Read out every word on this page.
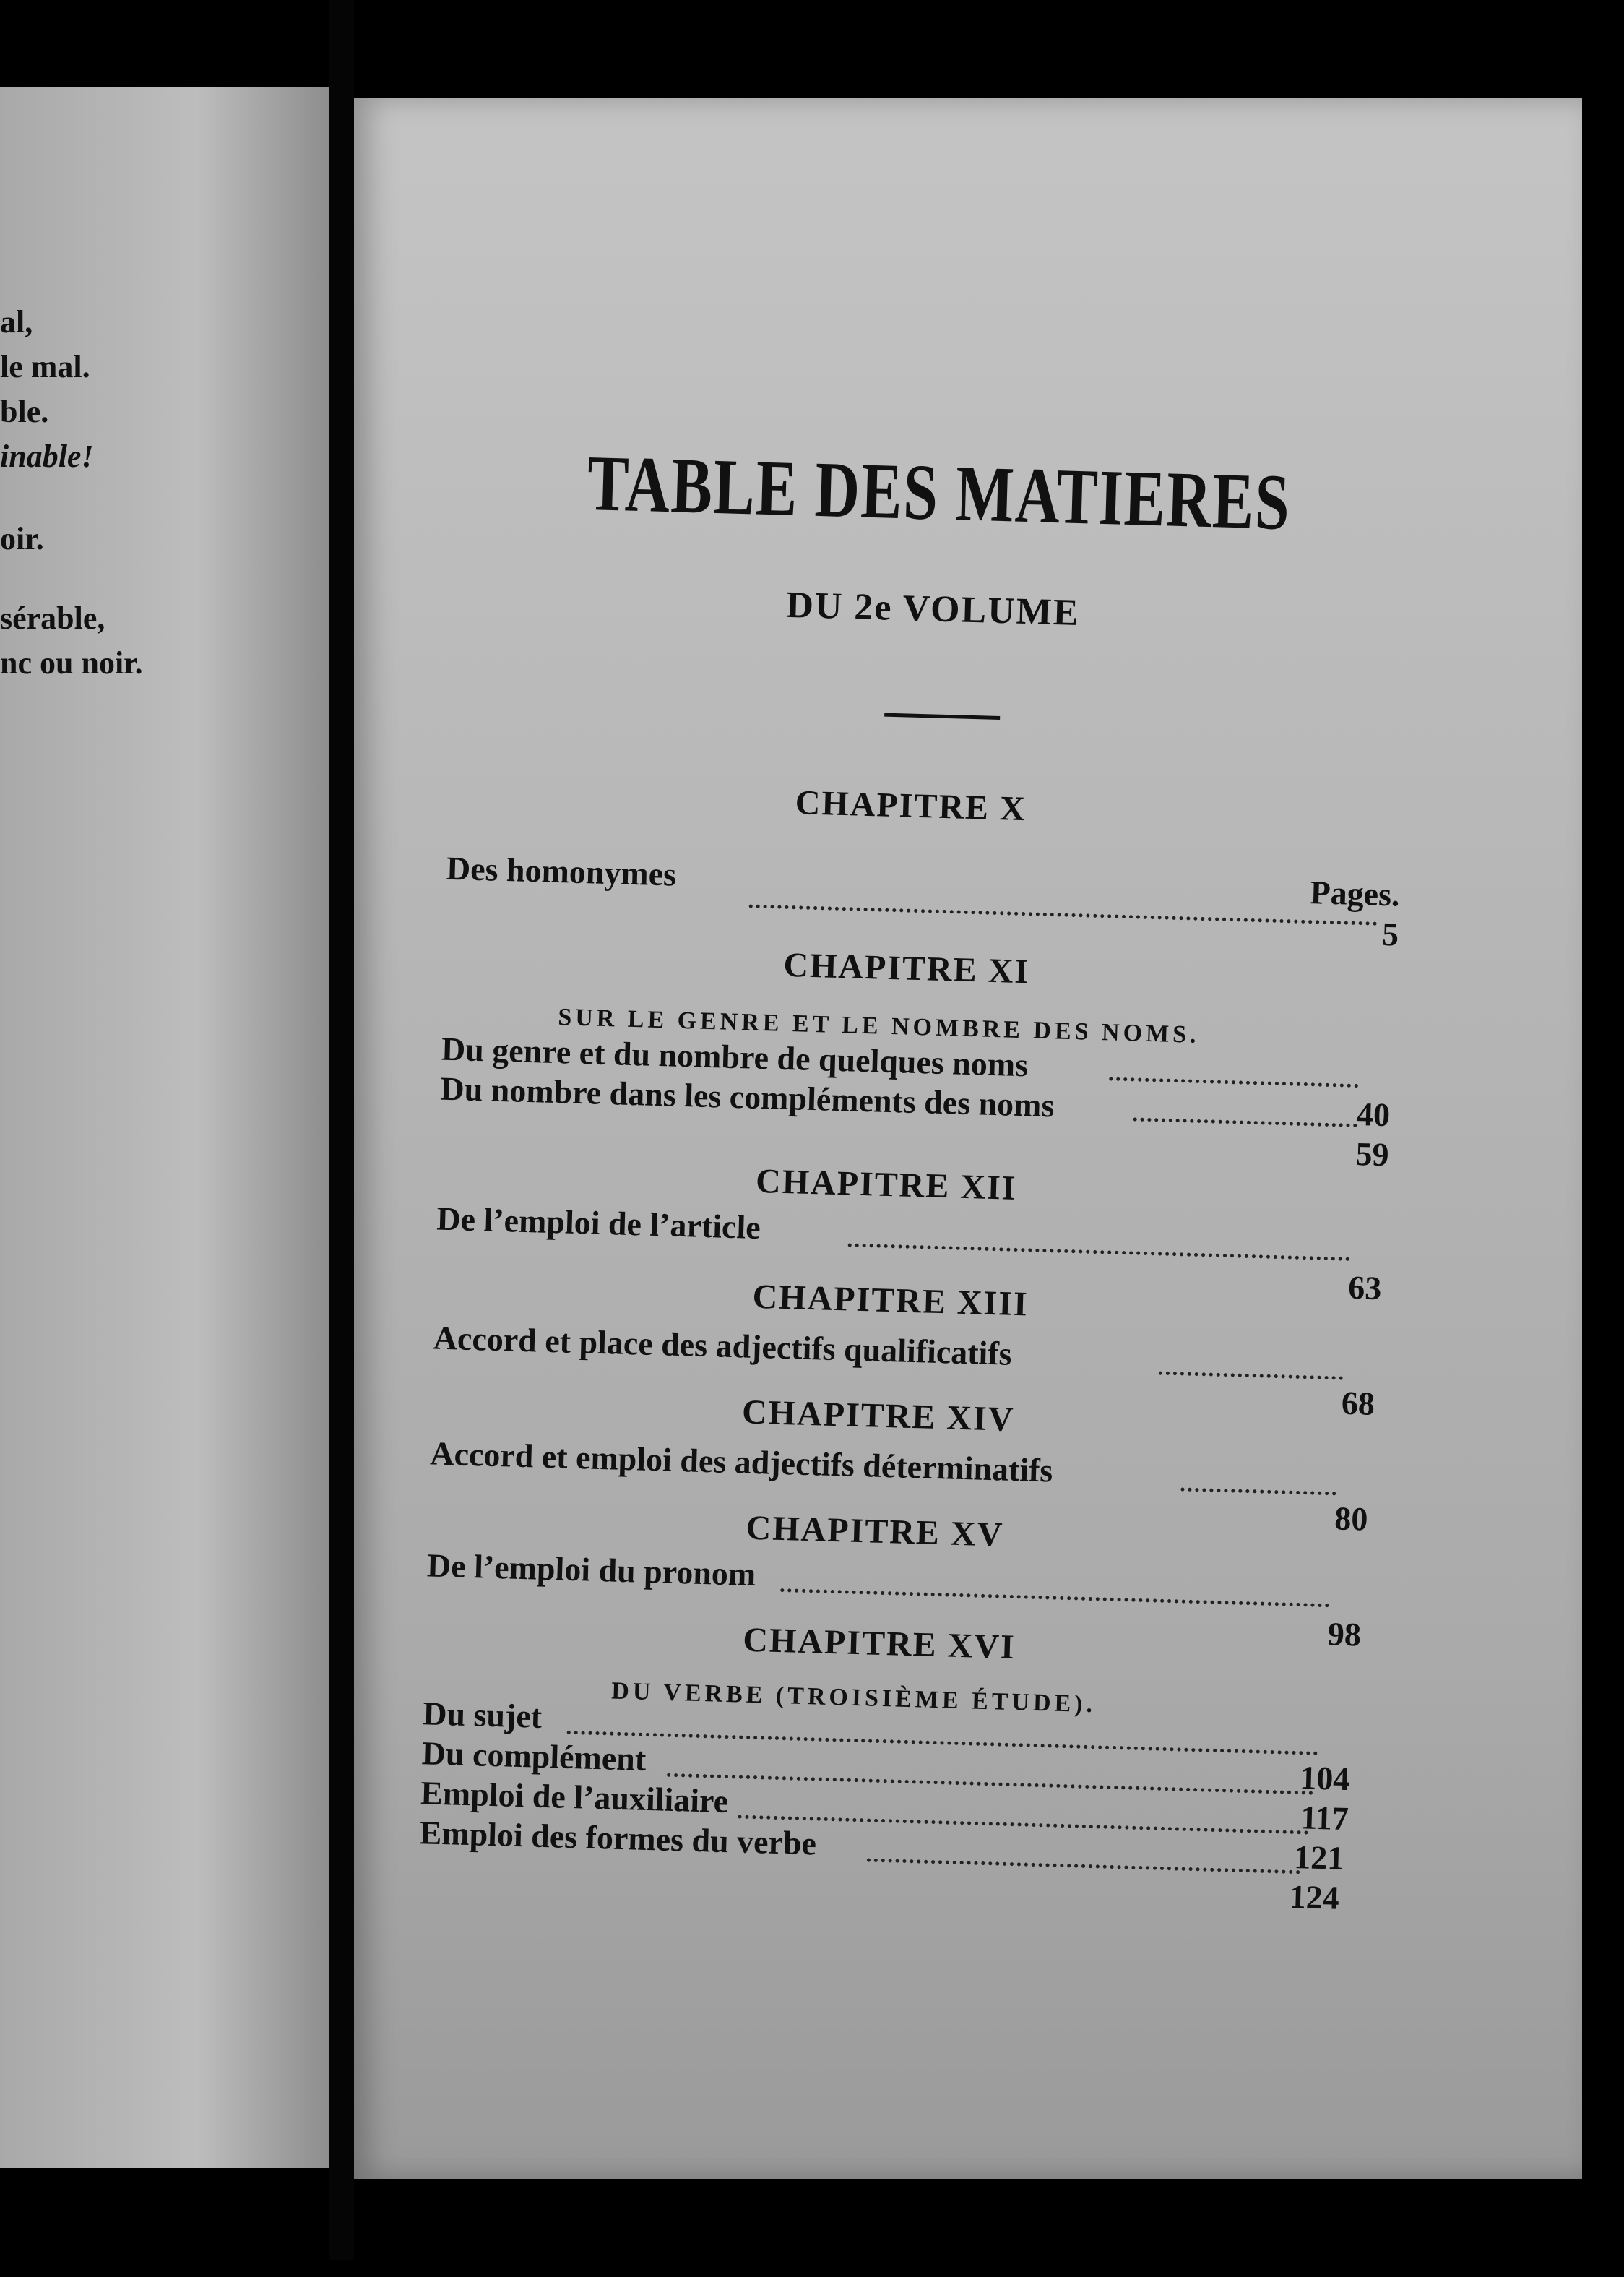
al,
le mal.
ble.
inable!
oir.
sérable,
nc ou noir.
TABLE DES MATIERES
DU 2e VOLUME
CHAPITRE X
Des homonymes
Pages.
5
CHAPITRE XI
SUR LE GENRE ET LE NOMBRE DES NOMS.
Du genre et du nombre de quelques noms
40
Du nombre dans les compléments des noms
59
CHAPITRE XII
De l’emploi de l’article
63
CHAPITRE XIII
Accord et place des adjectifs qualificatifs
68
CHAPITRE XIV
Accord et emploi des adjectifs déterminatifs
80
CHAPITRE XV
De l’emploi du pronom
98
CHAPITRE XVI
DU VERBE (TROISIÈME ÉTUDE).
Du sujet
104
Du complément
117
Emploi de l’auxiliaire
121
Emploi des formes du verbe
124
